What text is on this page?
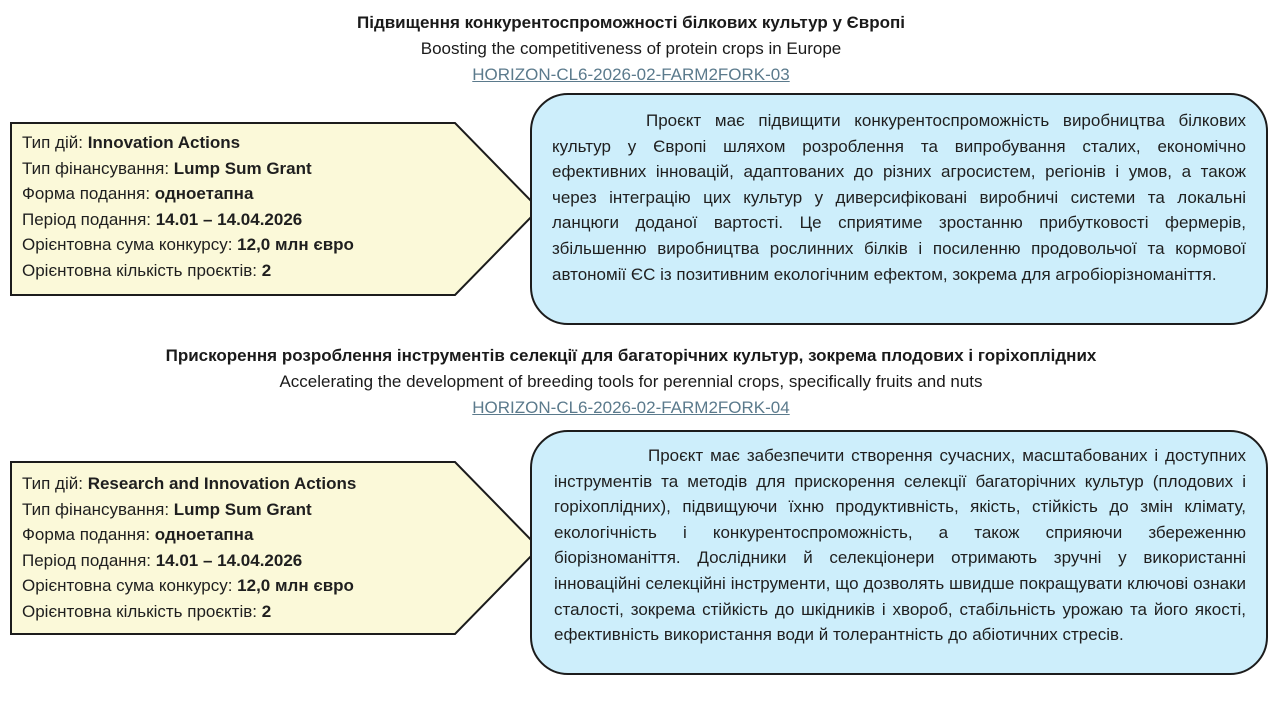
Підвищення конкурентоспроможності білкових культур у Європі
Boosting the competitiveness of protein crops in Europe
HORIZON-CL6-2026-02-FARM2FORK-03
Тип дій: Innovation Actions
Тип фінансування: Lump Sum Grant
Форма подання: одноетапна
Період подання: 14.01 – 14.04.2026
Орієнтовна сума конкурсу: 12,0 млн євро
Орієнтовна кількість проєктів: 2

Проєкт має підвищити конкурентоспроможність виробництва білкових культур у Європі шляхом розроблення та випробування сталих, економічно ефективних інновацій, адаптованих до різних агросистем, регіонів і умов, а також через інтеграцію цих культур у диверсифіковані виробничі системи та локальні ланцюги доданої вартості. Це сприятиме зростанню прибутковості фермерів, збільшенню виробництва рослинних білків і посиленню продовольчої та кормової автономії ЄС із позитивним екологічним ефектом, зокрема для агробіорізноманіття.

Прискорення розроблення інструментів селекції для багаторічних культур, зокрема плодових і горіхоплідних
Accelerating the development of breeding tools for perennial crops, specifically fruits and nuts
HORIZON-CL6-2026-02-FARM2FORK-04
Тип дій: Research and Innovation Actions
Тип фінансування: Lump Sum Grant
Форма подання: одноетапна
Період подання: 14.01 – 14.04.2026
Орієнтовна сума конкурсу: 12,0 млн євро
Орієнтовна кількість проєктів: 2

Проєкт має забезпечити створення сучасних, масштабованих і доступних інструментів та методів для прискорення селекції багаторічних культур (плодових і горіхоплідних), підвищуючи їхню продуктивність, якість, стійкість до змін клімату, екологічність і конкурентоспроможність, а також сприяючи збереженню біорізноманіття. Дослідники й селекціонери отримають зручні у використанні інноваційні селекційні інструменти, що дозволять швидше покращувати ключові ознаки сталості, зокрема стійкість до шкідників і хвороб, стабільність урожаю та його якості, ефективність використання води й толерантність до абіотичних стресів.
